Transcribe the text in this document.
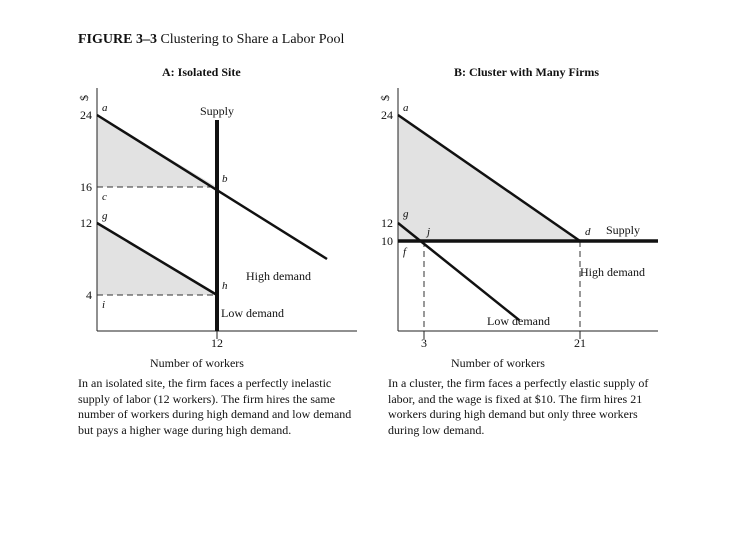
FIGURE 3–3 Clustering to Share a Labor Pool
A: Isolated Site	B: Cluster with Many Firms
$
Number of workers
4
12
16
24
12
Supply
High demand
Low demand
a
b
c
g
h
i
$
Number of workers
10
12
24
3	21
Supply
High demand
Low demand
a
d
g
j
f
In an isolated site, the firm faces a perfectly inelastic supply of labor (12 workers). The firm hires the same number of workers during high demand and low demand but pays a higher wage during high demand.
In a cluster, the firm faces a perfectly elastic supply of labor, and the wage is fixed at $10. The firm hires 21 workers during high demand but only three workers during low demand.
